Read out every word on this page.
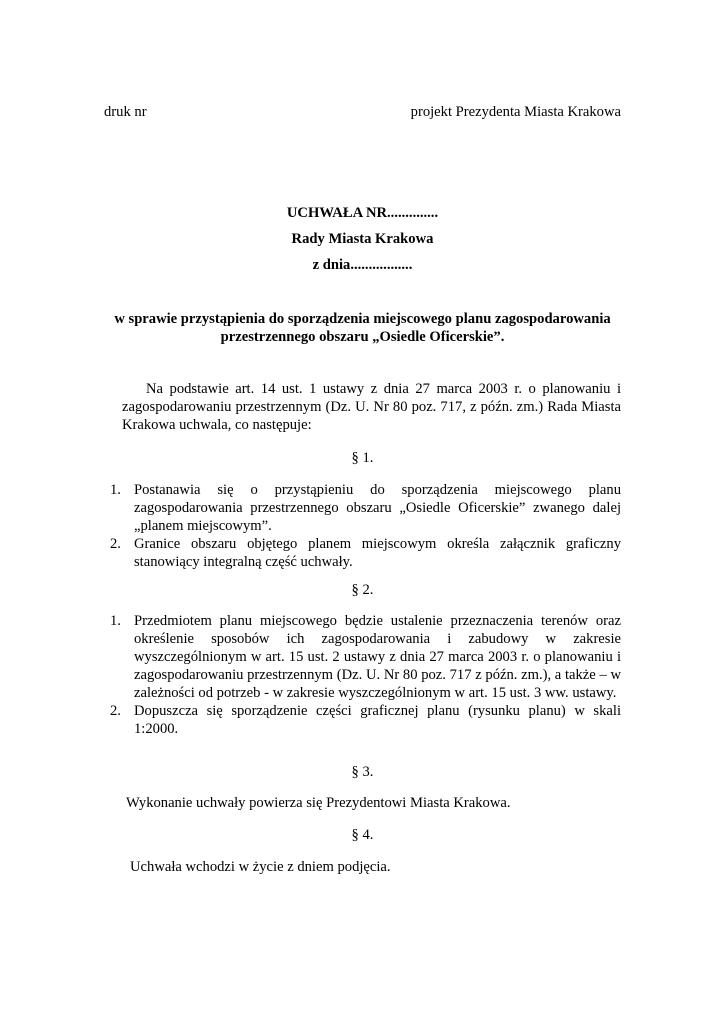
druk nr	projekt Prezydenta Miasta Krakowa
UCHWAŁA NR..............
Rady Miasta Krakowa
z dnia.................
w sprawie przystąpienia do sporządzenia miejscowego planu zagospodarowania
przestrzennego obszaru „Osiedle Oficerskie”.
Na podstawie art. 14 ust. 1 ustawy z dnia 27 marca 2003 r. o planowaniu i zagospodarowaniu przestrzennym (Dz. U. Nr 80 poz. 717, z późn. zm.) Rada Miasta Krakowa uchwala, co następuje:
§ 1.
1. Postanawia się o przystąpieniu do sporządzenia miejscowego planu zagospodarowania przestrzennego obszaru „Osiedle Oficerskie” zwanego dalej „planem miejscowym”.
2. Granice obszaru objętego planem miejscowym określa załącznik graficzny stanowiący integralną część uchwały.
§ 2.
1. Przedmiotem planu miejscowego będzie ustalenie przeznaczenia terenów oraz określenie sposobów ich zagospodarowania i zabudowy w zakresie wyszczególnionym w art. 15 ust. 2 ustawy z dnia 27 marca 2003 r. o planowaniu i zagospodarowaniu przestrzennym (Dz. U. Nr 80 poz. 717 z późn. zm.), a także – w zależności od potrzeb - w zakresie wyszczególnionym w art. 15 ust. 3 ww. ustawy.
2. Dopuszcza się sporządzenie części graficznej planu (rysunku planu) w skali 1:2000.
§ 3.
Wykonanie uchwały powierza się Prezydentowi Miasta Krakowa.
§ 4.
Uchwała wchodzi w życie z dniem podjęcia.
